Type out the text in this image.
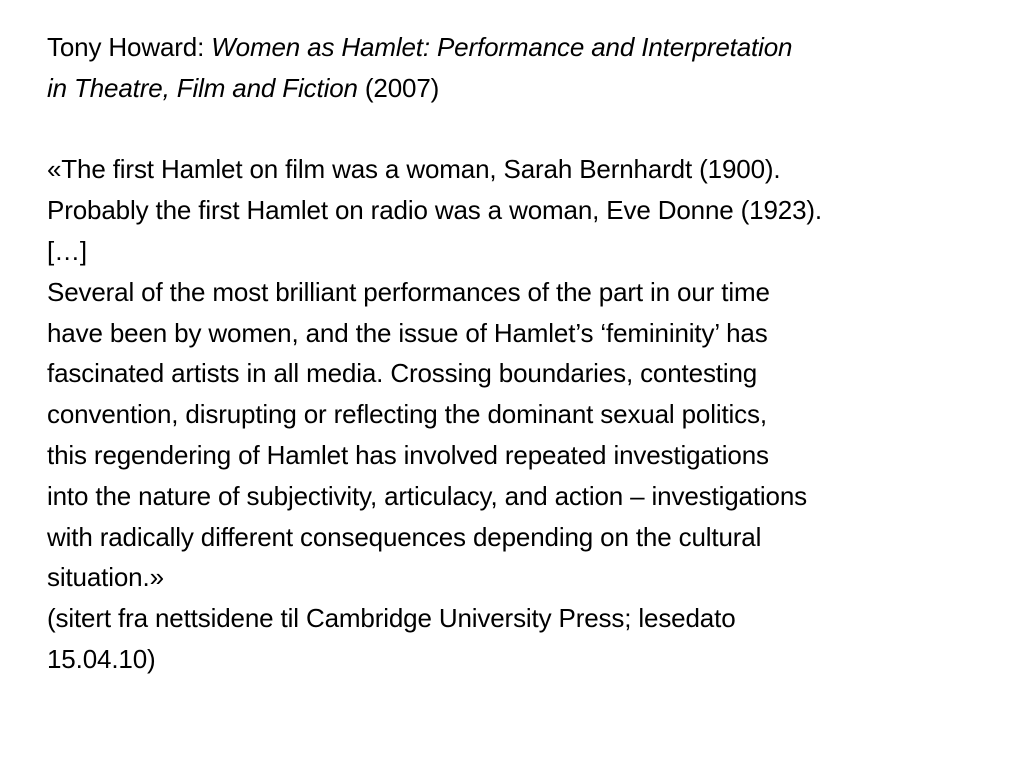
Tony Howard: Women as Hamlet: Performance and Interpretation
in Theatre, Film and Fiction (2007)

«The first Hamlet on film was a woman, Sarah Bernhardt (1900).
Probably the first Hamlet on radio was a woman, Eve Donne (1923).
[…]
Several of the most brilliant performances of the part in our time
have been by women, and the issue of Hamlet’s ‘femininity’ has
fascinated artists in all media. Crossing boundaries, contesting
convention, disrupting or reflecting the dominant sexual politics,
this regendering of Hamlet has involved repeated investigations
into the nature of subjectivity, articulacy, and action – investigations
with radically different consequences depending on the cultural
situation.»

(sitert fra nettsidene til Cambridge University Press; lesedato
15.04.10)
